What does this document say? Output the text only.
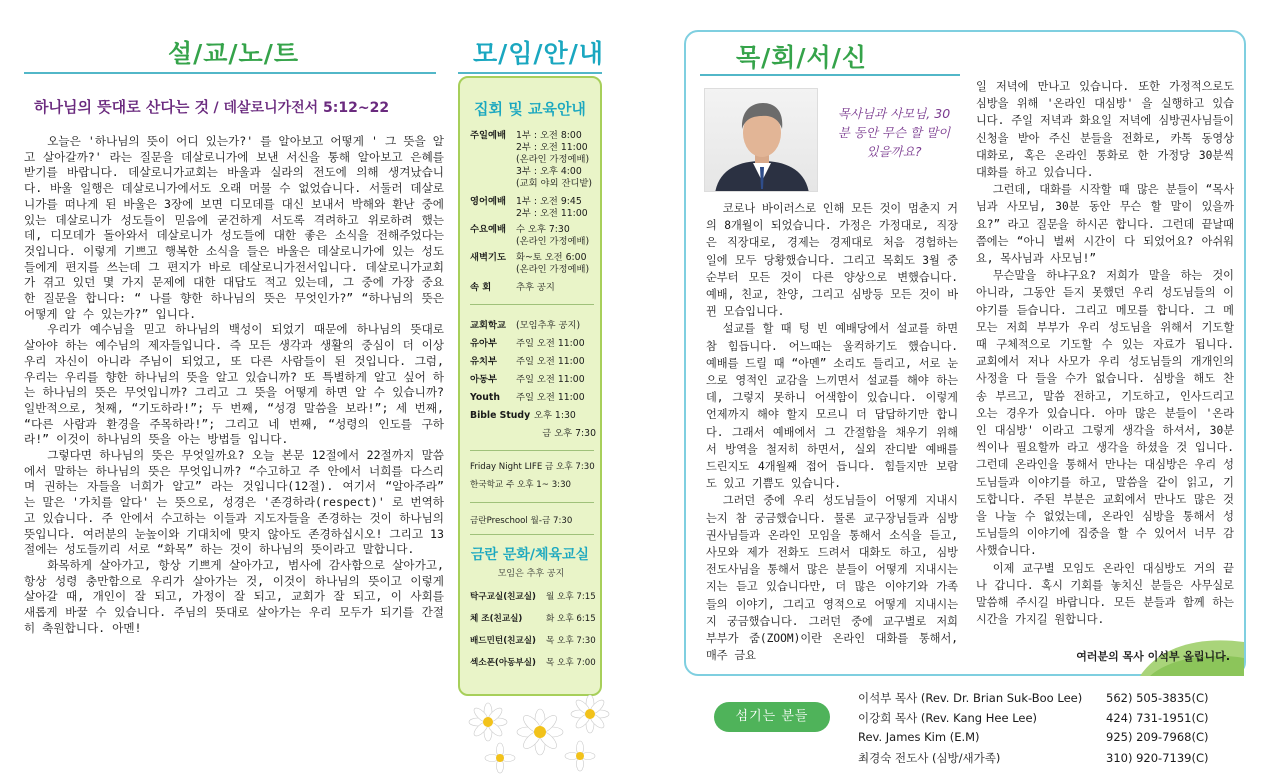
설/교/노/트
하나님의 뜻대로 산다는 것 / 데살로니가전서 5:12~22

오늘은 '하나님의 뜻이 어디 있는가?' 를 알아보고 어떻게 ' 그 뜻을 알고 살아갈까?' 라는 질문을 데살로니가에 보낸 서신을 통해 알아보고 은혜를 받기를 바랍니다. 데살로니가교회는 바울과 실라의 전도에 의해 생겨났습니다. 바울 일행은 데살로니가에서도 오래 머물 수 없었습니다. 서둘러 데살로니가를 떠나게 된 바울은 3장에 보면 디모데를 대신 보내서 박해와 환난 중에 있는 데살로니가 성도들이 믿음에 굳건하게 서도록 격려하고 위로하려 했는데, 디모데가 돌아와서 데살로니가 성도들에 대한 좋은 소식을 전해주었다는 것입니다. 이렇게 기쁘고 행복한 소식을 들은 바울은 데살로니가에 있는 성도들에게 편지를 쓰는데 그 편지가 바로 데살로니가전서입니다. 데살로니가교회가 겪고 있던 몇 가지 문제에 대한 대답도 적고 있는데, 그 중에 가장 중요한 질문을 합니다: “ 나를 향한 하나님의 뜻은 무엇인가?” “하나님의 뜻은 어떻게 알 수 있는가?” 입니다.

우리가 예수님을 믿고 하나님의 백성이 되었기 때문에 하나님의 뜻대로 살아야 하는 예수님의 제자들입니다. 즉 모든 생각과 생활의 중심이 더 이상 우리 자신이 아니라 주님이 되었고, 또 다른 사람들이 된 것입니다. 그럼, 우리는 우리를 향한 하나님의 뜻을 알고 있습니까? 또 특별하게 알고 싶어 하는 하나님의 뜻은 무엇입니까? 그리고 그 뜻을 어떻게 하면 알 수 있습니까? 일반적으로, 첫째, “기도하라!”; 두 번째, “성경 말씀을 보라!”; 세 번째, “다른 사람과 환경을 주목하라!”; 그리고 네 번째, “성령의 인도를 구하라!” 이것이 하나님의 뜻을 아는 방법들 입니다.

그렇다면 하나님의 뜻은 무엇일까요? 오늘 본문 12절에서 22절까지 말씀에서 말하는 하나님의 뜻은 무엇입니까? “수고하고 주 안에서 너희를 다스리며 권하는 자들을 너희가 알고” 라는 것입니다(12절). 여기서 “알아주라” 는 말은 '가치를 알다' 는 뜻으로, 성경은 '존경하라(respect)' 로 번역하고 있습니다. 주 안에서 수고하는 이들과 지도자들을 존경하는 것이 하나님의 뜻입니다. 여러분의 눈높이와 기대치에 맞지 않아도 존경하십시오! 그리고 13절에는 성도들끼리 서로 “화목” 하는 것이 하나님의 뜻이라고 말합니다.

화목하게 살아가고, 항상 기쁘게 살아가고, 범사에 감사함으로 살아가고, 항상 성령 충만함으로 우리가 살아가는 것, 이것이 하나님의 뜻이고 이렇게 살아갈 때, 개인이 잘 되고, 가정이 잘 되고, 교회가 잘 되고, 이 사회를 새롭게 바꿀 수 있습니다. 주님의 뜻대로 살아가는 우리 모두가 되기를 간절히 축원합니다. 아멘!

모/임/안/내
집회 및 교육안내
주일예배 1부 : 오전 8:00
2부 : 오전 11:00
(온라인 가정예배)
3부 : 오후 4:00
(교회 야외 잔디밭)
영어예배 1부 : 오전 9:45
2부 : 오전 11:00
수요예배 수 오후 7:30
(온라인 가정예배)
새벽기도 화~토 오전 6:00
(온라인 가정예배)
속 회	추후 공지
교회학교 (모임추후 공지)
유아부 주일 오전 11:00
유치부 주일 오전 11:00
아동부 주일 오전 11:00
Youth 주일 오전 11:00
Bible Study 오후 1:30
금 오후 7:30
Friday Night LIFE 금 오후 7:30
한국학교 주 오후 1~ 3:30
금란Preschool 월-금 7:30
금란 문화/체육교실
모임은 추후 공지
탁구교실(친교실) 월 오후 7:15
체 조(친교실)	화 오후 6:15
배드민턴(친교실) 목 오후 7:30
섹소폰(아동부실) 목 오후 7:00
목/회/서/신
목사님과 사모님, 30분 동안 무슨 할 말이 있을까요?

코로나 바이러스로 인해 모든 것이 멈춘지 거의 8개월이 되었습니다. 가정은 가정대로, 직장은 직장대로, 경제는 경제대로 처음 경험하는 일에 모두 당황했습니다. 그리고 목회도 3월 중순부터 모든 것이 다른 양상으로 변했습니다. 예배, 친교, 찬양, 그리고 심방등 모든 것이 바뀐 모습입니다.

설교를 할 때 텅 빈 예배당에서 설교를 하면 참 힘듭니다. 어느때는 울컥하기도 했습니다. 예배를 드릴 때 “아멘” 소리도 들리고, 서로 눈으로 영적인 교감을 느끼면서 설교를 해야 하는데, 그렇지 못하니 어색함이 있습니다. 이렇게 언제까지 해야 할지 모르니 더 답답하기만 합니다. 그래서 예배에서 그 간절함을 채우기 위해서 방역을 철저히 하면서, 실외 잔디밭 예배를 드린지도 4개월째 접어 듭니다. 힘들지만 보람도 있고 기쁨도 있습니다.

그러던 중에 우리 성도님들이 어떻게 지내시는지 참 궁금했습니다. 물론 교구장님들과 심방권사님들과 온라인 모임을 통해서 소식을 듣고, 사모와 제가 전화도 드려서 대화도 하고, 심방 전도사님을 통해서 많은 분들이 어떻게 지내시는지는 듣고 있습니다만, 더 많은 이야기와 가족들의 이야기, 그리고 영적으로 어떻게 지내시는지 궁금했습니다. 그러던 중에 교구별로 저희 부부가 줌(ZOOM)이란 온라인 대화를 통해서, 매주 금요

일 저녁에 만나고 있습니다. 또한 가정적으로도 심방을 위해 '온라인 대심방' 을 실행하고 있습니다. 주일 저녁과 화요일 저녁에 심방권사님들이 신청을 받아 주신 분들을 전화로, 카톡 동영상 대화로, 혹은 온라인 통화로 한 가정당 30분씩 대화를 하고 있습니다.

그런데, 대화를 시작할 때 많은 분들이 “목사님과 사모님, 30분 동안 무슨 할 말이 있을까요?” 라고 질문을 하시곤 합니다. 그런데 끝날때쯤에는 “아니 벌써 시간이 다 되었어요? 아쉬워요, 목사님과 사모님!”

무슨말을 하냐구요? 저희가 말을 하는 것이 아니라, 그동안 듣지 못했던 우리 성도님들의 이야기를 듣습니다. 그리고 메모를 합니다. 그 메모는 저희 부부가 우리 성도님을 위해서 기도할 때 구체적으로 기도할 수 있는 자료가 됩니다. 교회에서 저나 사모가 우리 성도님들의 개개인의 사정을 다 들을 수가 없습니다. 심방을 해도 찬송 부르고, 말씀 전하고, 기도하고, 인사드리고 오는 경우가 있습니다. 아마 많은 분들이 '온라인 대심방' 이라고 그렇게 생각을 하셔서, 30분씩이나 필요할까 라고 생각을 하셨을 것 입니다. 그런데 온라인을 통해서 만나는 대심방은 우리 성도님들과 이야기를 하고, 말씀을 같이 읽고, 기도합니다. 주된 부분은 교회에서 만나도 많은 것을 나눌 수 없었는데, 온라인 심방을 통해서 성도님들의 이야기에 집중을 할 수 있어서 너무 감사했습니다.

이제 교구별 모임도 온라인 대심방도 거의 끝나 갑니다. 혹시 기회를 놓치신 분들은 사무실로 말씀해 주시길 바랍니다. 모든 분들과 함께 하는 시간을 가지길 원합니다.

여러분의 목사 이석부 올립니다.
섬기는 분들
이석부 목사 (Rev. Dr. Brian Suk-Boo Lee) 562) 505-3835(C)
이강희 목사 (Rev. Kang Hee Lee)	424) 731-1951(C)
Rev. James Kim (E.M)	925) 209-7968(C)
최경숙 전도사 (심방/새가족)	310) 920-7139(C)
